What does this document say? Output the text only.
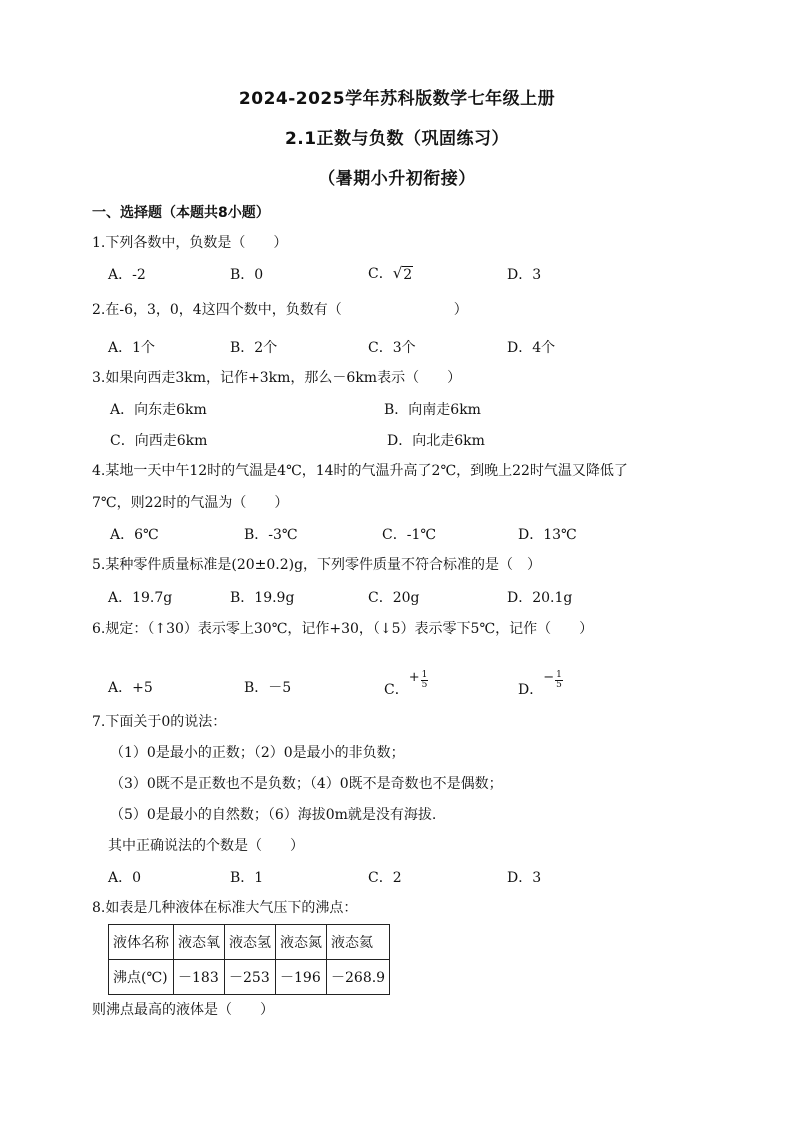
2024-2025学年苏科版数学七年级上册
2.1正数与负数（巩固练习）
（暑期小升初衔接）
一、选择题（本题共8小题）
1.下列各数中，负数是（　　）
A．-2	B．0	C． √ 2	D．3
2.在-6，3，0，4这四个数中，负数有（　　　　　　　　）
A．1个	B．2个	C．3个	D．4个
3.如果向西走3km，记作+3km，那么－6km表示（　　）
A．向东走6km	B．向南走6km
C．向西走6km	D．向北走6km
4.某地一天中午12时的气温是4℃，14时的气温升高了2℃，到晚上22时气温又降低了
7℃，则22时的气温为（　　）
A．6℃	B．-3℃	C．-1℃	D．13℃
5.某种零件质量标准是(20±0.2)g，下列零件质量不符合标准的是（　）
A．19.7g	B．19.9g	C．20g	D．20.1g
6.规定：（↑30）表示零上30℃，记作+30，（↓5）表示零下5℃，记作（　　）
A．+5	B．－5	C．+ $\frac{1}{5}$
D．− $\frac{1}{5}$
7.下面关于0的说法：
（1）0是最小的正数；（2）0是最小的非负数；
（3）0既不是正数也不是负数；（4）0既不是奇数也不是偶数；
（5）0是最小的自然数；（6）海拔0m就是没有海拔.
其中正确说法的个数是（　　）
A．0	B．1	C．2	D．3
8.如表是几种液体在标准大气压下的沸点：
液体名称	液态氧	液态氢	液态氮	液态氦
沸点(℃)	－183	－253	－196	－268.9
则沸点最高的液体是（　　）
